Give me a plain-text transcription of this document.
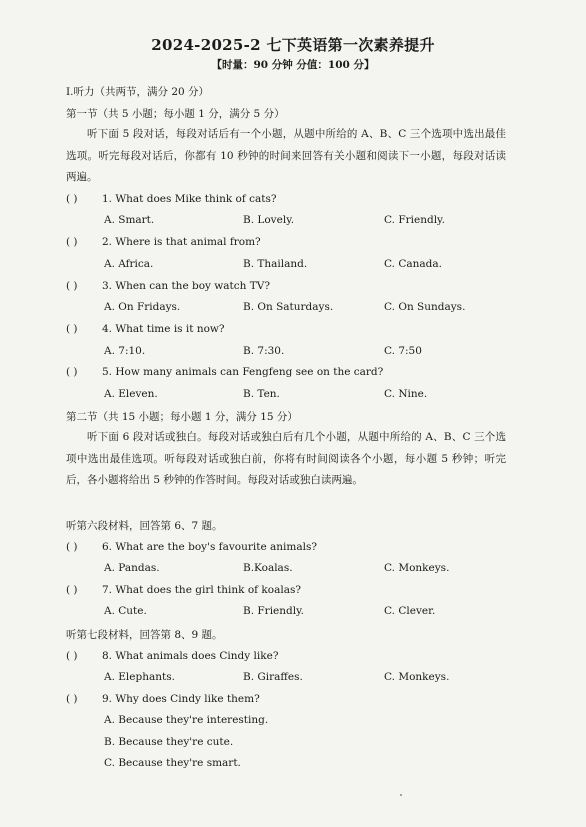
2024-2025-2 七下英语第一次素养提升
【时量：90 分钟 分值：100 分】
I.听力（共两节，满分 20 分）
第一节（共 5 小题；每小题 1 分，满分 5 分）
听下面 5 段对话，每段对话后有一个小题，从题中所给的 A、B、C 三个选项中选出最佳选项。听完每段对话后，你都有 10 秒钟的时间来回答有关小题和阅读下一小题，每段对话读两遍。
( ) 1. What does Mike think of cats?
A. Smart.	B. Lovely.	C. Friendly.
( ) 2. Where is that animal from?
A. Africa.	B. Thailand.	C. Canada.
( ) 3. When can the boy watch TV?
A. On Fridays.	B. On Saturdays.	C. On Sundays.
( ) 4. What time is it now?
A. 7:10.	B. 7:30.	C. 7:50
( ) 5. How many animals can Fengfeng see on the card?
A. Eleven.	B. Ten.	C. Nine.
第二节（共 15 小题；每小题 1 分，满分 15 分）
听下面 6 段对话或独白。每段对话或独白后有几个小题，从题中所给的 A、B、C 三个选项中选出最佳选项。听每段对话或独白前，你将有时间阅读各个小题，每小题 5 秒钟；听完后，各小题将给出 5 秒钟的作答时间。每段对话或独白读两遍。
听第六段材料，回答第 6、7 题。
( ) 6. What are the boy's favourite animals?
A. Pandas.	B.Koalas.	C. Monkeys.
( ) 7. What does the girl think of koalas?
A. Cute.	B. Friendly.	C. Clever.
听第七段材料，回答第 8、9 题。
( ) 8. What animals does Cindy like?
A. Elephants.	B. Giraffes.	C. Monkeys.
( ) 9. Why does Cindy like them?
A. Because they're interesting.
B. Because they're cute.
C. Because they're smart.
